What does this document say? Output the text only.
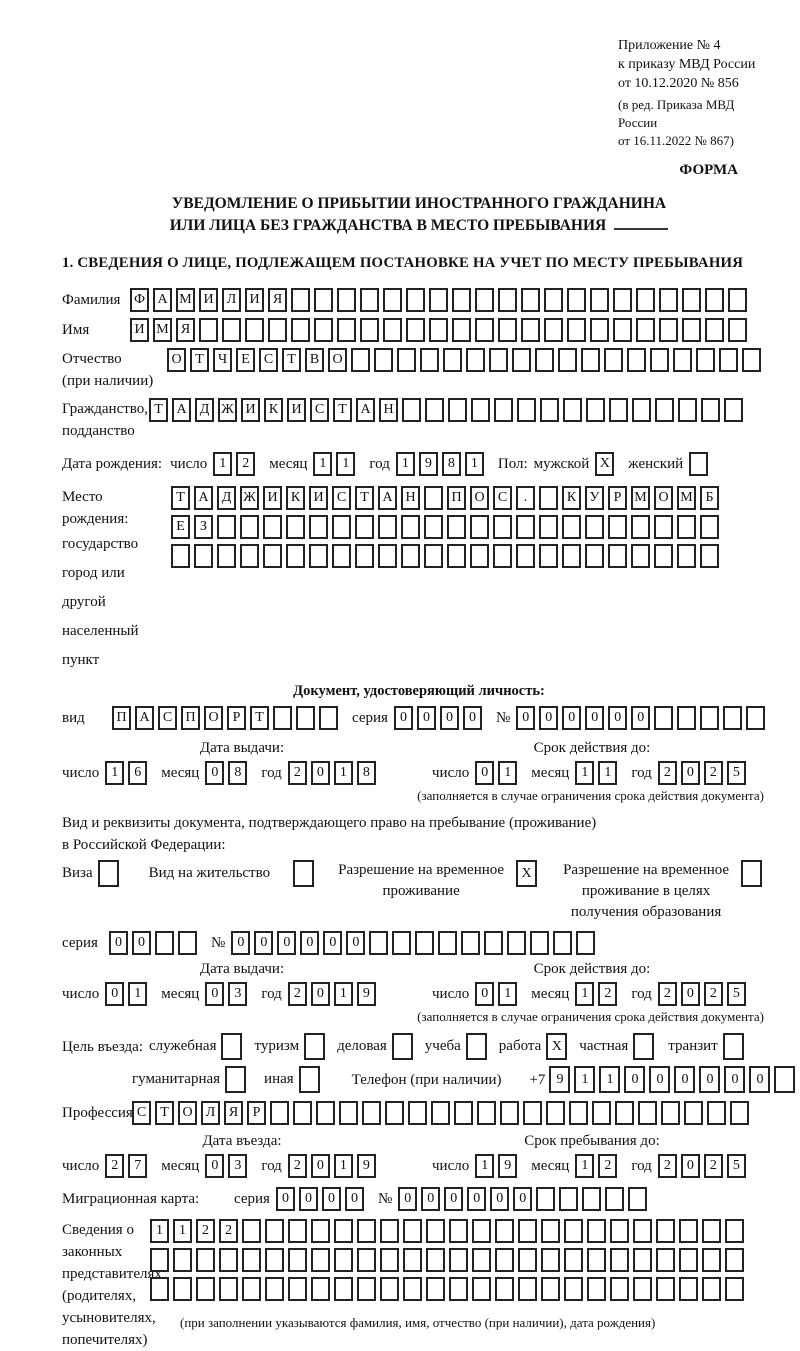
Приложение № 4
к приказу МВД России
от 10.12.2020 № 856
(в ред. Приказа МВД России
от 16.11.2022 № 867)
ФОРМА
УВЕДОМЛЕНИЕ О ПРИБЫТИИ ИНОСТРАННОГО ГРАЖДАНИНА
ИЛИ ЛИЦА БЕЗ ГРАЖДАНСТВА В МЕСТО ПРЕБЫВАНИЯ
1. СВЕДЕНИЯ О ЛИЦЕ, ПОДЛЕЖАЩЕМ ПОСТАНОВКЕ НА УЧЕТ ПО МЕСТУ ПРЕБЫВАНИЯ
Фамилия Ф А М И Л И Я
Имя	И М Я
Отчество
(при наличии)
О Т	Ч	Е	С	Т	В О
Гражданство,
подданство
Т А Д Ж И К И С	Т А Н
Дата рождения: число 1	2	месяц 1	1	год 1	9	8	1	Пол: мужской X женский
Место рождения:
государство
город или другой
населенный пункт
Т А Д Ж И К И С	Т А Н	П О С	.	К У	Р М О М Б
Е	З
Документ, удостоверяющий личность:
вид	П А С П О	Р	Т	серия 0	0	0	0	№ 0	0	0	0	0	0
Дата выдачи:	Срок действия до:
число 1	6	месяц 0	8	год 2	0	1	8	число 0	1	месяц 1	1	год 2	0	2	5
(заполняется в случае ограничения срока действия документа)
Вид и реквизиты документа, подтверждающего право на пребывание (проживание)
в Российской Федерации:
Виза	Вид на жительство	Разрешение на временное
проживание
X	Разрешение на временное
проживание в целях
получения образования
серия	0	0	№ 0	0	0	0	0	0
Дата выдачи:	Срок действия до:
число 0	1	месяц 0	3	год 2	0	1	9	число 0	1	месяц 1	2	год 2	0	2	5
(заполняется в случае ограничения срока действия документа)
Цель въезда: служебная	туризм	деловая	учеба	работа X	частная	транзит
гуманитарная	иная	Телефон (при наличии) +7 9	1	1	0	0	0	0	0	0
Профессия С	Т О Л Я	Р
Дата въезда:	Срок пребывания до:
число 2	7	месяц 0	3	год 2	0	1	9	число 1	9	месяц 1	2	год 2	0	2	5
Миграционная карта:	серия 0	0	0	0	№ 0	0	0	0	0	0
Сведения о
законных
представителях
(родителях,
усыновителях,
попечителях)
1	1	2	2
(при заполнении указываются фамилия, имя, отчество (при наличии), дата рождения)
